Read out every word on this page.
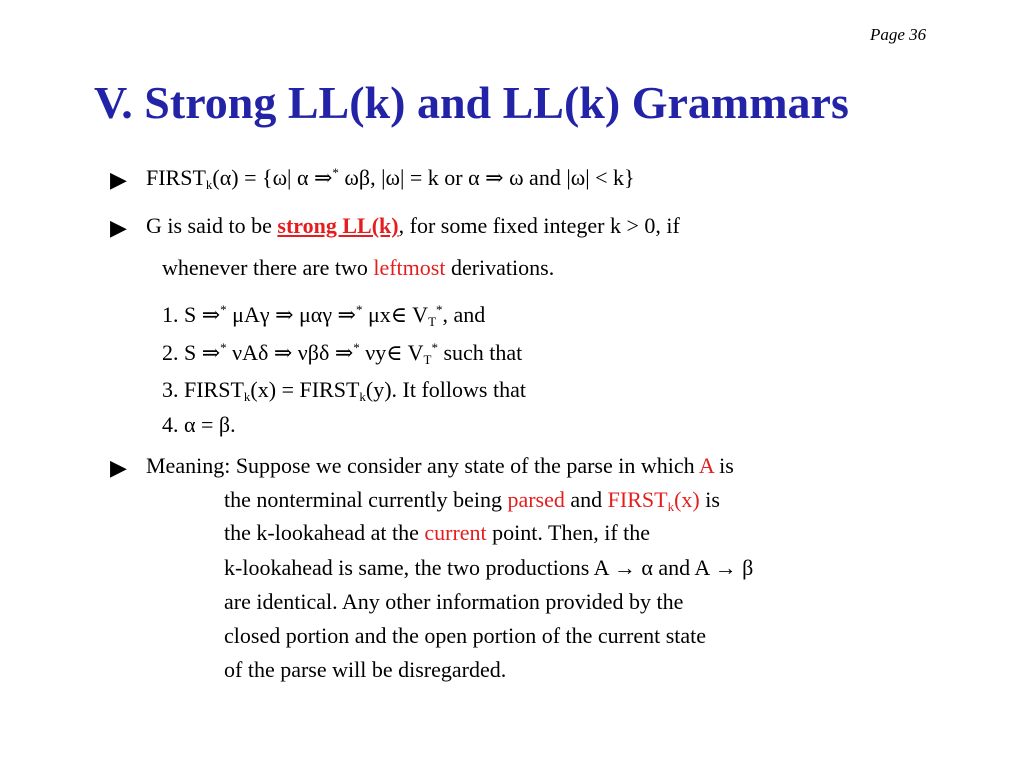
Page 36
V. Strong LL(k) and LL(k) Grammars
▶ $FIRST_k(\alpha) = \{\omega|$ α ⇒* ωβ, |ω| = k or α ⇒ ω and |ω| < k}
▶ G is said to be strong LL(k), for some fixed integer k > 0, if
whenever there are two leftmost derivations.
1. S ⇒* μAγ ⇒ μαγ ⇒* μx∈ $V_T^*$, and
2. S ⇒* νAδ ⇒ νβδ ⇒* νy∈ $V_T^*$ such that
3. $FIRST_k(x)$ = $FIRST_k(y)$. It follows that
4. α = β.
▶ Meaning: Suppose we consider any state of the parse in which A is
the nonterminal currently being parsed and $FIRST_k(x)$ is
the k-lookahead at the current point. Then, if the
k-lookahead is same, the two productions A → α and A → β
are identical. Any other information provided by the
closed portion and the open portion of the current state
of the parse will be disregarded.
